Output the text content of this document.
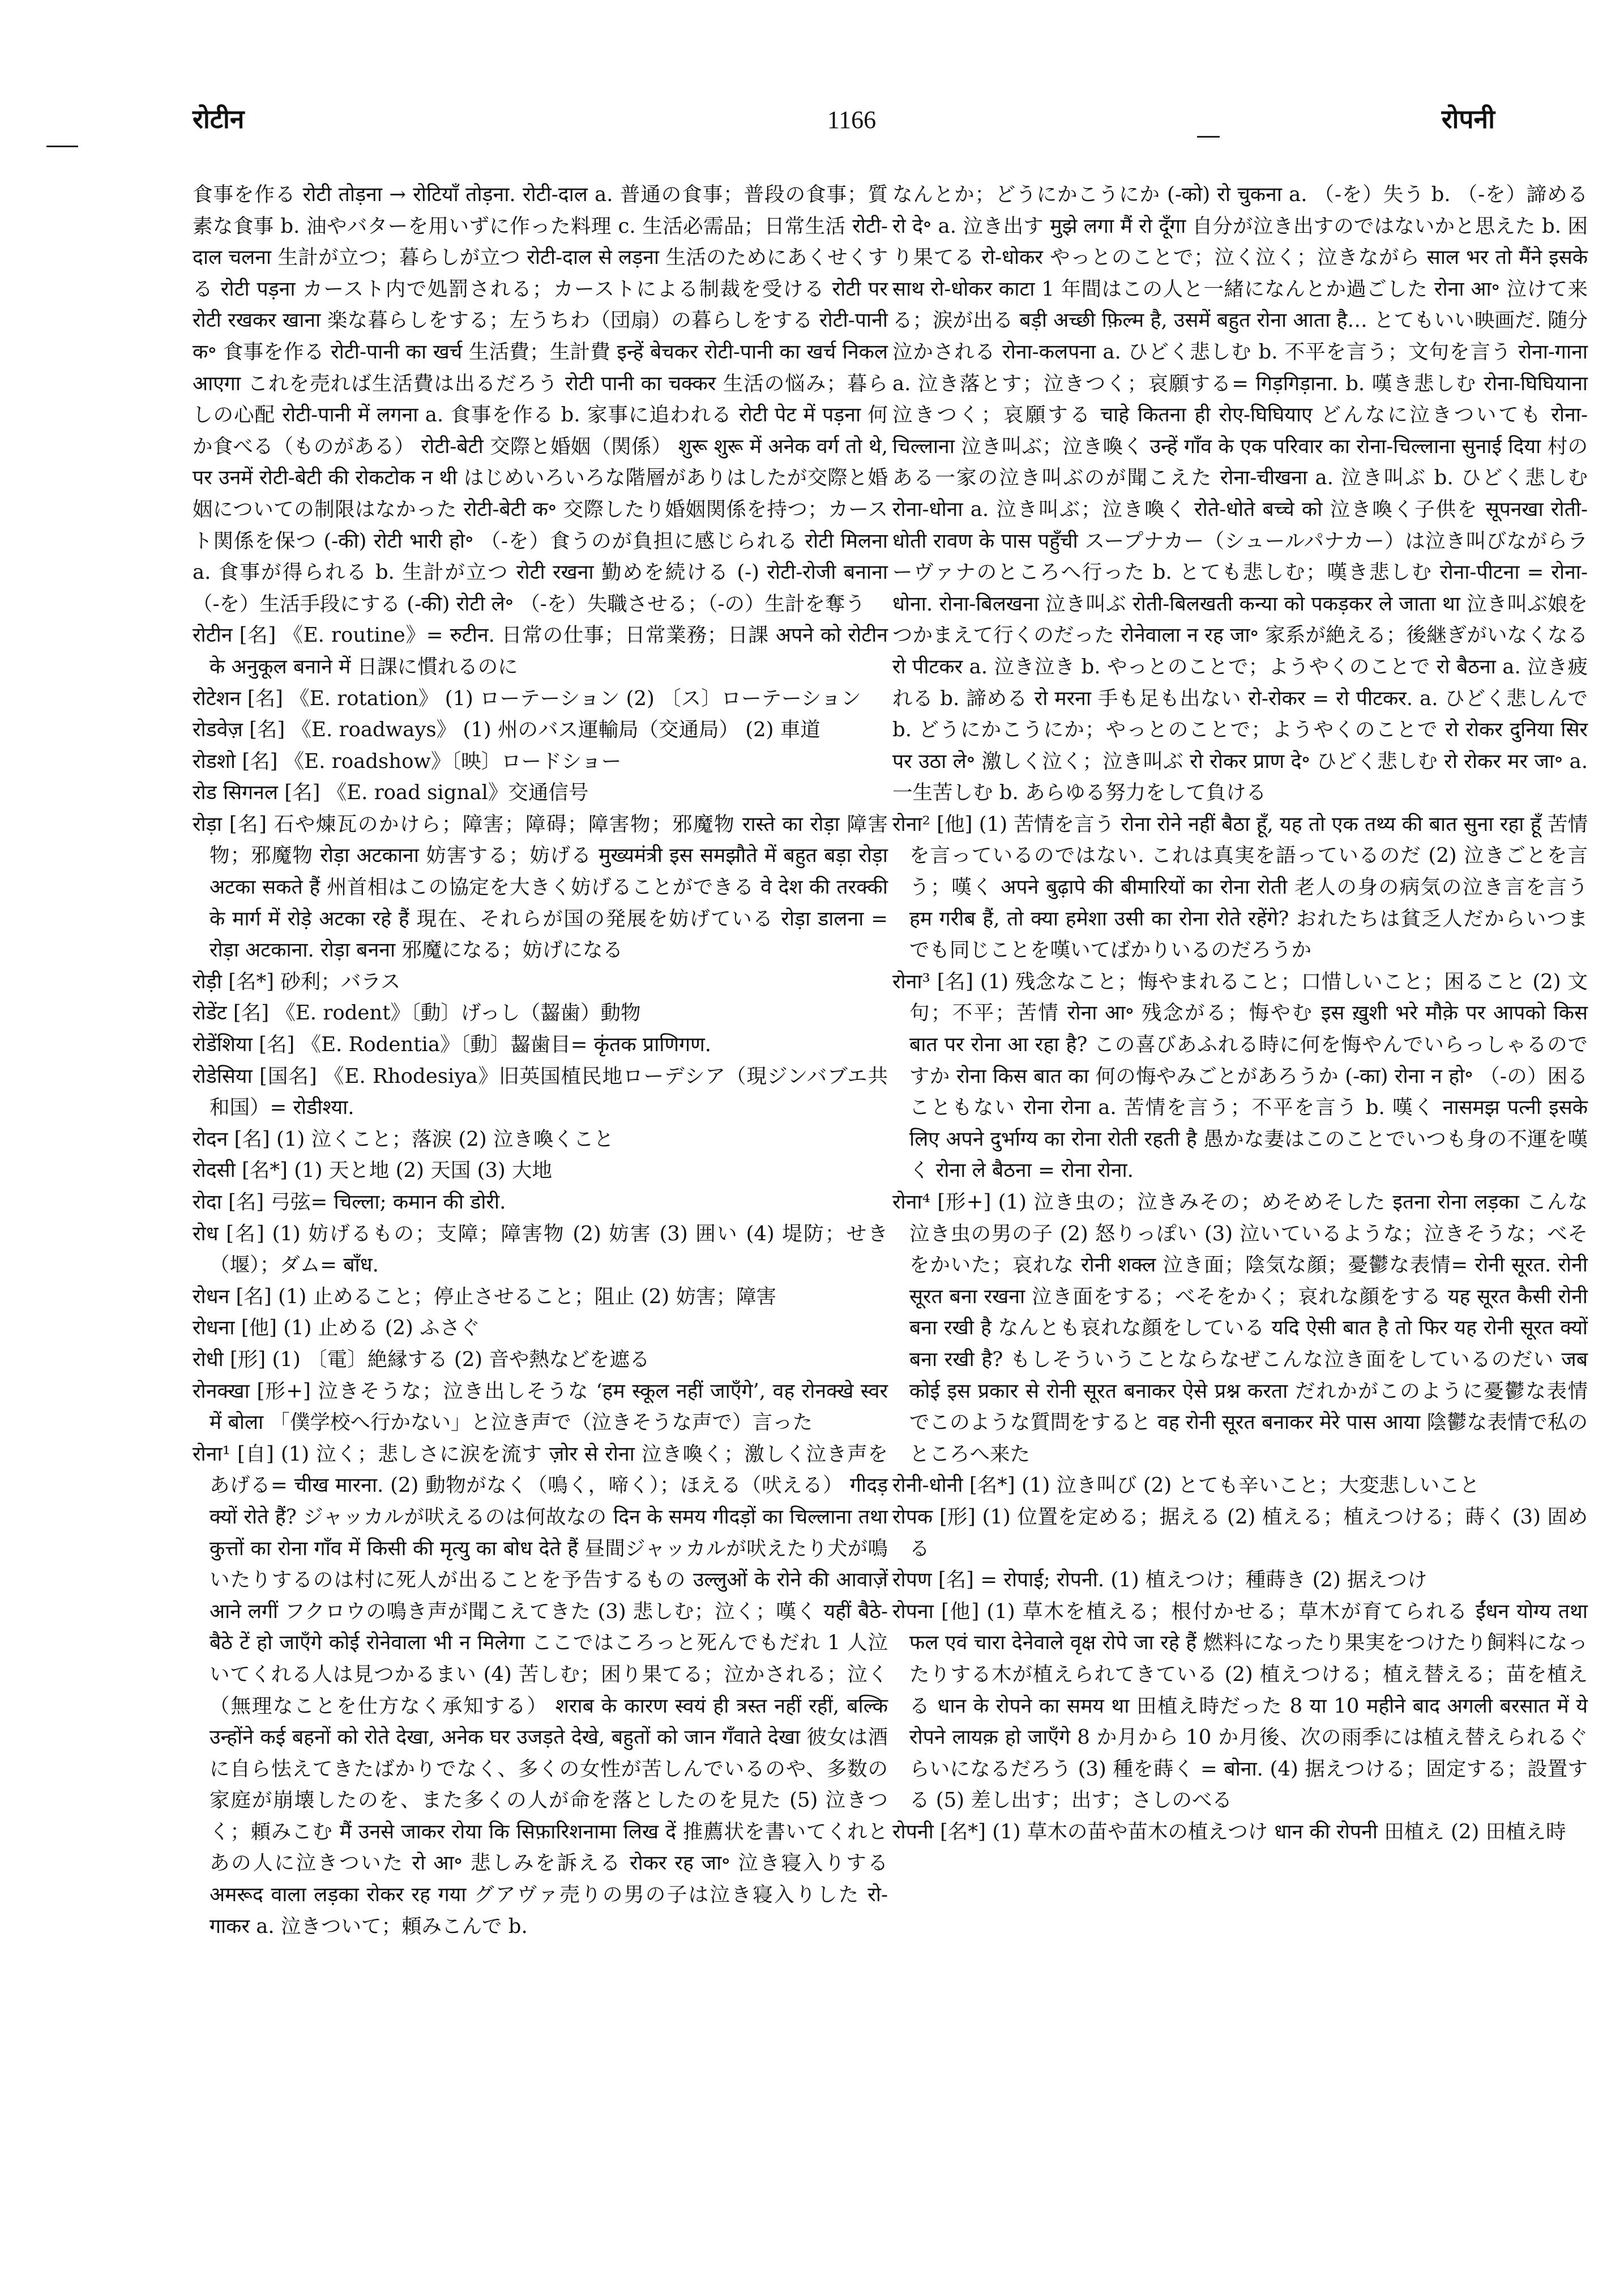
रोटीन	1166	रोपनी

食事を作る रोटी तोड़ना → रोटियाँ तोड़ना. रोटी-दाल a. 普通の食事；普段の食事；質素な食事 b. 油やバターを用いずに作った料理 c. 生活必需品；日常生活 रोटी-दाल चलना 生計が立つ；暮らしが立つ रोटी-दाल से लड़ना 生活のためにあくせくする रोटी पड़ना カースト内で処罰される；カーストによる制裁を受ける रोटी पर रोटी रखकर खाना 楽な暮らしをする；左うちわ（団扇）の暮らしをする रोटी-पानी क॰ 食事を作る रोटी-पानी का खर्च 生活費；生計費 इन्हें बेचकर रोटी-पानी का खर्च निकल आएगा これを売れば生活費は出るだろう रोटी पानी का चक्कर 生活の悩み；暮らしの心配 रोटी-पानी में लगना a. 食事を作る b. 家事に追われる रोटी पेट में पड़ना 何か食べる（ものがある） रोटी-बेटी 交際と婚姻（関係） शुरू शुरू में अनेक वर्ग तो थे, पर उनमें रोटी-बेटी की रोकटोक न थी はじめいろいろな階層がありはしたが交際と婚姻についての制限はなかった रोटी-बेटी क॰ 交際したり婚姻関係を持つ；カースト関係を保つ (-की) रोटी भारी हो॰ （-を）食うのが負担に感じられる रोटी मिलना a. 食事が得られる b. 生計が立つ रोटी रखना 勤めを続ける (-) रोटी-रोजी बनाना （-を）生活手段にする (-की) रोटी ले॰ （-を）失職させる；（-の）生計を奪う

रोटीन [名] 《E. routine》= रुटीन. 日常の仕事；日常業務；日課 अपने को रोटीन के अनुकूल बनाने में 日課に慣れるのに

रोटेशन [名] 《E. rotation》 (1) ローテーション (2) 〔ス〕ローテーション

रोडवेज़ [名] 《E. roadways》 (1) 州のバス運輸局（交通局） (2) 車道

रोडशो [名] 《E. roadshow》〔映〕ロードショー

रोड सिगनल [名] 《E. road signal》交通信号

रोड़ा [名] 石や煉瓦のかけら；障害；障碍；障害物；邪魔物 रास्ते का रोड़ा 障害物；邪魔物 रोड़ा अटकाना 妨害する；妨げる मुख्यमंत्री इस समझौते में बहुत बड़ा रोड़ा अटका सकते हैं 州首相はこの協定を大きく妨げることができる वे देश की तरक्की के मार्ग में रोड़े अटका रहे हैं 現在、それらが国の発展を妨げている रोड़ा डालना = रोड़ा अटकाना. रोड़ा बनना 邪魔になる；妨げになる

रोड़ी [名*] 砂利；バラス

रोडेंट [名] 《E. rodent》〔動〕げっし（齧歯）動物

रोडेंशिया [名] 《E. Rodentia》〔動〕齧歯目= कृंतक प्राणिगण.

रोडेसिया [国名] 《E. Rhodesiya》旧英国植民地ローデシア（現ジンバブエ共和国）= रोडीश्या.

रोदन [名] (1) 泣くこと；落涙 (2) 泣き喚くこと

रोदसी [名*] (1) 天と地 (2) 天国 (3) 大地

रोदा [名] 弓弦= चिल्ला; कमान की डोरी.

रोध [名] (1) 妨げるもの；支障；障害物 (2) 妨害 (3) 囲い (4) 堤防；せき（堰）；ダム= बाँध.

रोधन [名] (1) 止めること；停止させること；阻止 (2) 妨害；障害

रोधना [他] (1) 止める (2) ふさぐ

रोधी [形] (1) 〔電〕絶縁する (2) 音や熱などを遮る

रोनक्खा [形+] 泣きそうな；泣き出しそうな ‘हम स्कूल नहीं जाएँगे’, वह रोनक्खे स्वर में बोला 「僕学校へ行かない」と泣き声で（泣きそうな声で）言った

रोना¹ [自] (1) 泣く；悲しさに涙を流す ज़ोर से रोना 泣き喚く；激しく泣き声をあげる= चीख मारना. (2) 動物がなく（鳴く，啼く）；ほえる（吠える） गीदड़ क्यों रोते हैं? ジャッカルが吠えるのは何故なの दिन के समय गीदड़ों का चिल्लाना तथा कुत्तों का रोना गाँव में किसी की मृत्यु का बोध देते हैं 昼間ジャッカルが吠えたり犬が鳴いたりするのは村に死人が出ることを予告するもの उल्लुओं के रोने की आवाज़ें आने लगीं フクロウの鳴き声が聞こえてきた (3) 悲しむ；泣く；嘆く यहीं बैठे-बैठे टें हो जाएँगे कोई रोनेवाला भी न मिलेगा ここではころっと死んでもだれ 1 人泣いてくれる人は見つかるまい (4) 苦しむ；困り果てる；泣かされる；泣く（無理なことを仕方なく承知する） शराब के कारण स्वयं ही त्रस्त नहीं रहीं, बल्कि उन्होंने कई बहनों को रोते देखा, अनेक घर उजड़ते देखे, बहुतों को जान गँवाते देखा 彼女は酒に自ら怯えてきたばかりでなく、多くの女性が苦しんでいるのや、多数の家庭が崩壊したのを、また多くの人が命を落としたのを見た (5) 泣きつく；頼みこむ मैं उनसे जाकर रोया कि सिफ़ारिशनामा लिख दें 推薦状を書いてくれとあの人に泣きついた रो आ॰ 悲しみを訴える रोकर रह जा॰ 泣き寝入りする अमरूद वाला लड़का रोकर रह गया グアヴァ売りの男の子は泣き寝入りした रो-गाकर a. 泣きついて；頼みこんで b.

なんとか；どうにかこうにか (-को) रो चुकना a. （-を）失う b. （-を）諦める रो दे॰ a. 泣き出す मुझे लगा मैं रो दूँगा 自分が泣き出すのではないかと思えた b. 困り果てる रो-धोकर やっとのことで；泣く泣く；泣きながら साल भर तो मैंने इसके साथ रो-धोकर काटा 1 年間はこの人と一緒になんとか過ごした रोना आ॰ 泣けて来る；涙が出る बड़ी अच्छी फ़िल्म है, उसमें बहुत रोना आता है… とてもいい映画だ. 随分泣かされる रोना-कलपना a. ひどく悲しむ b. 不平を言う；文句を言う रोना-गाना a. 泣き落とす；泣きつく；哀願する= गिड़गिड़ाना. b. 嘆き悲しむ रोना-घिघियाना 泣きつく；哀願する चाहे कितना ही रोए-घिघियाए どんなに泣きついても रोना-चिल्लाना 泣き叫ぶ；泣き喚く उन्हें गाँव के एक परिवार का रोना-चिल्लाना सुनाई दिया 村のある一家の泣き叫ぶのが聞こえた रोना-चीखना a. 泣き叫ぶ b. ひどく悲しむ रोना-धोना a. 泣き叫ぶ；泣き喚く रोते-धोते बच्चे को 泣き喚く子供を सूपनखा रोती-धोती रावण के पास पहुँची スープナカー（シュールパナカー）は泣き叫びながらラーヴァナのところへ行った b. とても悲しむ；嘆き悲しむ रोना-पीटना = रोना-धोना. रोना-बिलखना 泣き叫ぶ रोती-बिलखती कन्या को पकड़कर ले जाता था 泣き叫ぶ娘をつかまえて行くのだった रोनेवाला न रह जा॰ 家系が絶える；後継ぎがいなくなる रो पीटकर a. 泣き泣き b. やっとのことで；ようやくのことで रो बैठना a. 泣き疲れる b. 諦める रो मरना 手も足も出ない रो-रोकर = रो पीटकर. a. ひどく悲しんで b. どうにかこうにか；やっとのことで；ようやくのことで रो रोकर दुनिया सिर पर उठा ले॰ 激しく泣く；泣き叫ぶ रो रोकर प्राण दे॰ ひどく悲しむ रो रोकर मर जा॰ a. 一生苦しむ b. あらゆる努力をして負ける

रोना² [他] (1) 苦情を言う रोना रोने नहीं बैठा हूँ, यह तो एक तथ्य की बात सुना रहा हूँ 苦情を言っているのではない. これは真実を語っているのだ (2) 泣きごとを言う；嘆く अपने बुढ़ापे की बीमारियों का रोना रोती 老人の身の病気の泣き言を言う हम गरीब हैं, तो क्या हमेशा उसी का रोना रोते रहेंगे? おれたちは貧乏人だからいつまでも同じことを嘆いてばかりいるのだろうか

रोना³ [名] (1) 残念なこと；悔やまれること；口惜しいこと；困ること (2) 文句；不平；苦情 रोना आ॰ 残念がる；悔やむ इस ख़ुशी भरे मौक़े पर आपको किस बात पर रोना आ रहा है? この喜びあふれる時に何を悔やんでいらっしゃるのですか रोना किस बात का 何の悔やみごとがあろうか (-का) रोना न हो॰ （-の）困ることもない रोना रोना a. 苦情を言う；不平を言う b. 嘆く नासमझ पत्नी इसके लिए अपने दुर्भाग्य का रोना रोती रहती है 愚かな妻はこのことでいつも身の不運を嘆く रोना ले बैठना = रोना रोना.

रोना⁴ [形+] (1) 泣き虫の；泣きみその；めそめそした इतना रोना लड़का こんな泣き虫の男の子 (2) 怒りっぽい (3) 泣いているような；泣きそうな；べそをかいた；哀れな रोनी शक्ल 泣き面；陰気な顔；憂鬱な表情= रोनी सूरत. रोनी सूरत बना रखना 泣き面をする；べそをかく；哀れな顔をする यह सूरत कैसी रोनी बना रखी है なんとも哀れな顔をしている यदि ऐसी बात है तो फिर यह रोनी सूरत क्यों बना रखी है? もしそういうことならなぜこんな泣き面をしているのだい जब कोई इस प्रकार से रोनी सूरत बनाकर ऐसे प्रश्न करता だれかがこのように憂鬱な表情でこのような質問をすると वह रोनी सूरत बनाकर मेरे पास आया 陰鬱な表情で私のところへ来た

रोनी-धोनी [名*] (1) 泣き叫び (2) とても辛いこと；大変悲しいこと

रोपक [形] (1) 位置を定める；据える (2) 植える；植えつける；蒔く (3) 固める

रोपण [名] = रोपाई; रोपनी. (1) 植えつけ；種蒔き (2) 据えつけ

रोपना [他] (1) 草木を植える；根付かせる；草木が育てられる ईंधन योग्य तथा फल एवं चारा देनेवाले वृक्ष रोपे जा रहे हैं 燃料になったり果実をつけたり飼料になったりする木が植えられてきている (2) 植えつける；植え替える；苗を植える धान के रोपने का समय था 田植え時だった 8 या 10 महीने बाद अगली बरसात में ये रोपने लायक़ हो जाएँगे 8 か月から 10 か月後、次の雨季には植え替えられるぐらいになるだろう (3) 種を蒔く = बोना. (4) 据えつける；固定する；設置する (5) 差し出す；出す；さしのべる

रोपनी [名*] (1) 草木の苗や苗木の植えつけ धान की रोपनी 田植え (2) 田植え時
